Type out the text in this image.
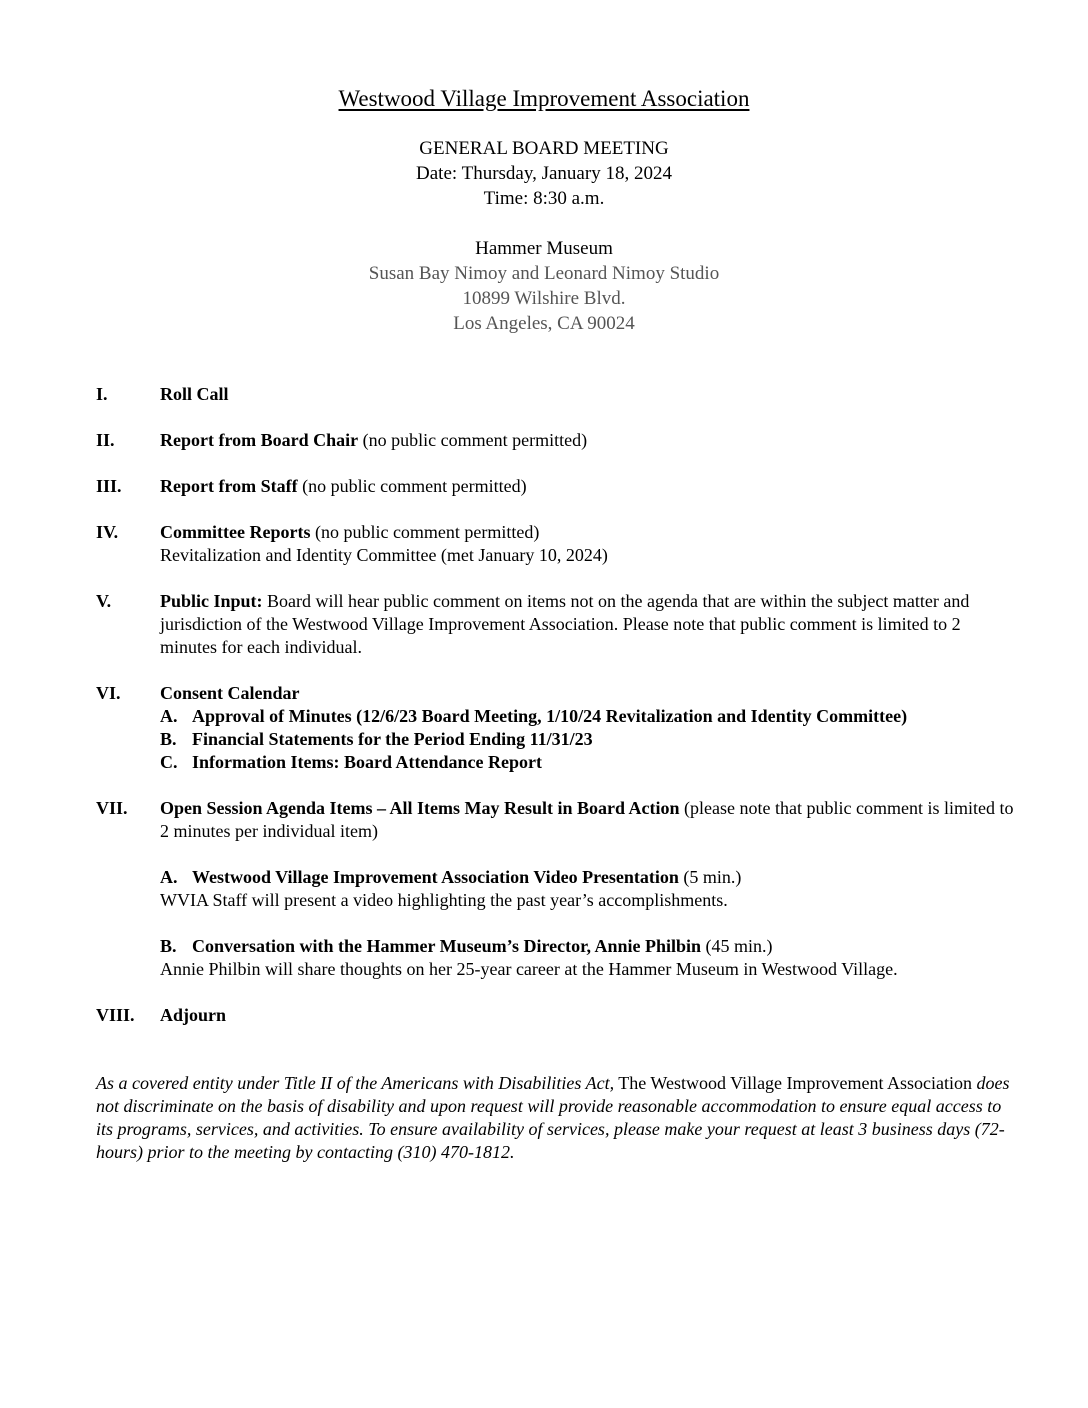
Westwood Village Improvement Association
GENERAL BOARD MEETING
Date: Thursday, January 18, 2024
Time: 8:30 a.m.
Hammer Museum
Susan Bay Nimoy and Leonard Nimoy Studio
10899 Wilshire Blvd.
Los Angeles, CA 90024
I.	Roll Call
II.	Report from Board Chair (no public comment permitted)
III. Report from Staff (no public comment permitted)
IV. Committee Reports (no public comment permitted)
Revitalization and Identity Committee (met January 10, 2024)
V.	Public Input: Board will hear public comment on items not on the agenda that are within the subject matter and jurisdiction of the Westwood Village Improvement Association. Please note that public comment is limited to 2 minutes for each individual.
VI. Consent Calendar
A. Approval of Minutes (12/6/23 Board Meeting, 1/10/24 Revitalization and Identity Committee)
B. Financial Statements for the Period Ending 11/31/23
C. Information Items: Board Attendance Report
VII. Open Session Agenda Items – All Items May Result in Board Action (please note that public comment is limited to 2 minutes per individual item)
A. Westwood Village Improvement Association Video Presentation (5 min.)
WVIA Staff will present a video highlighting the past year’s accomplishments.
B. Conversation with the Hammer Museum’s Director, Annie Philbin (45 min.)
Annie Philbin will share thoughts on her 25-year career at the Hammer Museum in Westwood Village.
VIII. Adjourn
As a covered entity under Title II of the Americans with Disabilities Act, The Westwood Village Improvement Association does not discriminate on the basis of disability and upon request will provide reasonable accommodation to ensure equal access to its programs, services, and activities. To ensure availability of services, please make your request at least 3 business days (72-hours) prior to the meeting by contacting (310) 470-1812.
